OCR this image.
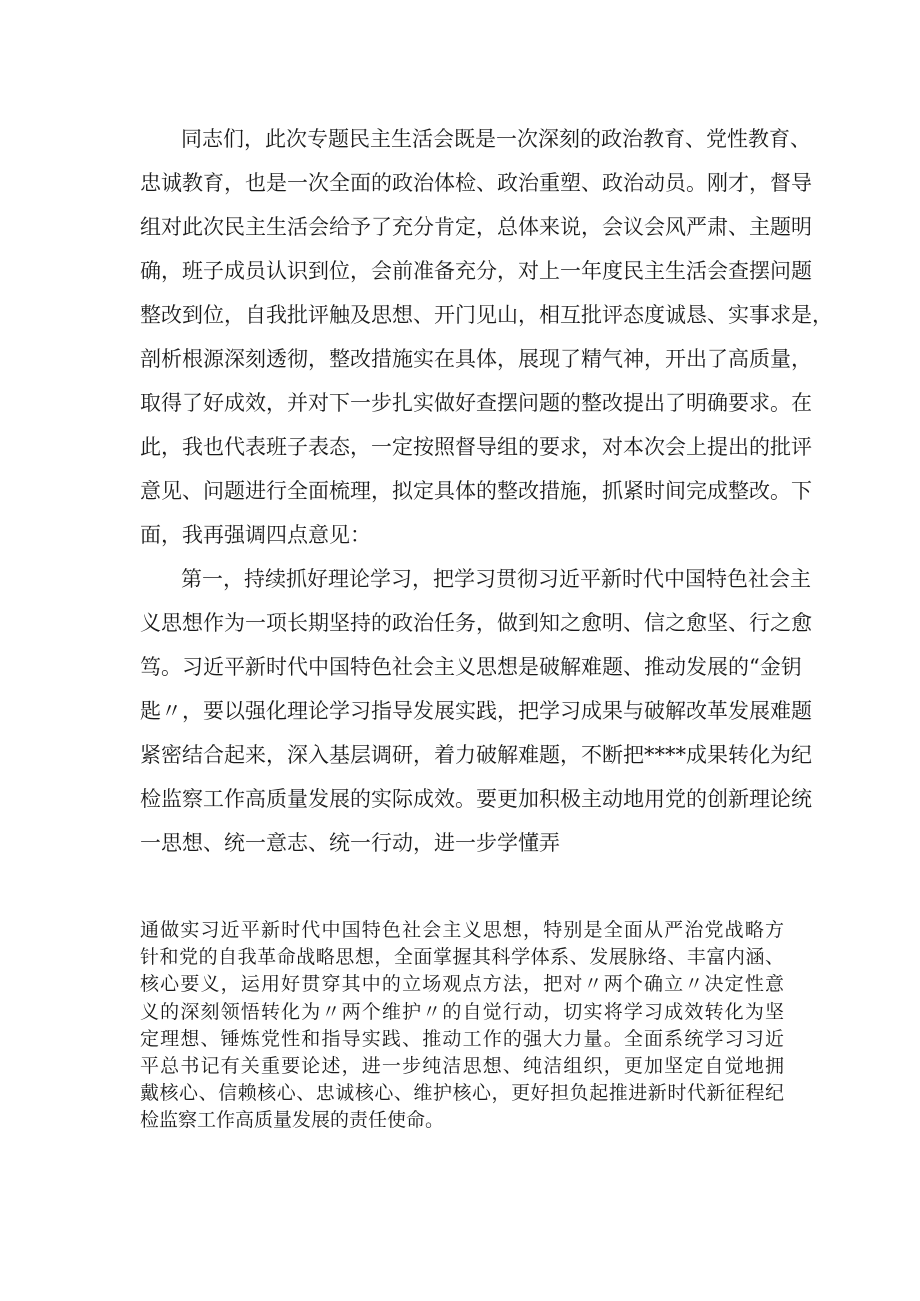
同志们，此次专题民主生活会既是一次深刻的政治教育、党性教育、
忠诚教育，也是一次全面的政治体检、政治重塑、政治动员。刚才，督导
组对此次民主生活会给予了充分肯定，总体来说，会议会风严肃、主题明
确，班子成员认识到位，会前准备充分，对上一年度民主生活会查摆问题
整改到位，自我批评触及思想、开门见山，相互批评态度诚恳、实事求是，
剖析根源深刻透彻，整改措施实在具体，展现了精气神，开出了高质量，
取得了好成效，并对下一步扎实做好查摆问题的整改提出了明确要求。在
此，我也代表班子表态，一定按照督导组的要求，对本次会上提出的批评
意见、问题进行全面梳理，拟定具体的整改措施，抓紧时间完成整改。下
面，我再强调四点意见：
第一，持续抓好理论学习，把学习贯彻习近平新时代中国特色社会主
义思想作为一项长期坚持的政治任务，做到知之愈明、信之愈坚、行之愈
笃。习近平新时代中国特色社会主义思想是破解难题、推动发展的“金钥
匙〃，要以强化理论学习指导发展实践，把学习成果与破解改革发展难题
紧密结合起来，深入基层调研，着力破解难题，不断把****成果转化为纪
检监察工作高质量发展的实际成效。要更加积极主动地用党的创新理论统
一思想、统一意志、统一行动，进一步学懂弄
通做实习近平新时代中国特色社会主义思想，特别是全面从严治党战略方
针和党的自我革命战略思想，全面掌握其科学体系、发展脉络、丰富内涵、
核心要义，运用好贯穿其中的立场观点方法，把对〃两个确立〃决定性意
义的深刻领悟转化为〃两个维护〃的自觉行动，切实将学习成效转化为坚
定理想、锤炼党性和指导实践、推动工作的强大力量。全面系统学习习近
平总书记有关重要论述，进一步纯洁思想、纯洁组织，更加坚定自觉地拥
戴核心、信赖核心、忠诚核心、维护核心，更好担负起推进新时代新征程纪
检监察工作高质量发展的责任使命。
